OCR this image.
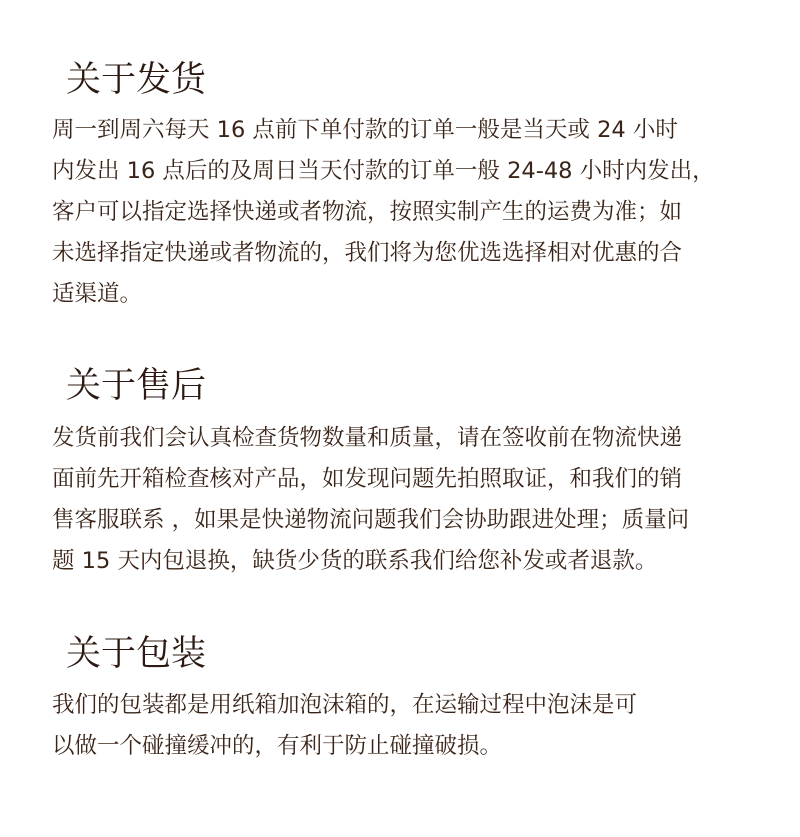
关于发货
周一到周六每天 16 点前下单付款的订单一般是当天或 24 小时
内发出 16 点后的及周日当天付款的订单一般 24-48 小时内发出，
客户可以指定选择快递或者物流，按照实制产生的运费为准；如
未选择指定快递或者物流的，我们将为您优选选择相对优惠的合
适渠道。
关于售后
发货前我们会认真检查货物数量和质量，请在签收前在物流快递
面前先开箱检查核对产品，如发现问题先拍照取证，和我们的销
售客服联系 ，如果是快递物流问题我们会协助跟进处理；质量问
题 15 天内包退换，缺货少货的联系我们给您补发或者退款。
关于包装
我们的包装都是用纸箱加泡沫箱的，在运输过程中泡沫是可
以做一个碰撞缓冲的，有利于防止碰撞破损。
